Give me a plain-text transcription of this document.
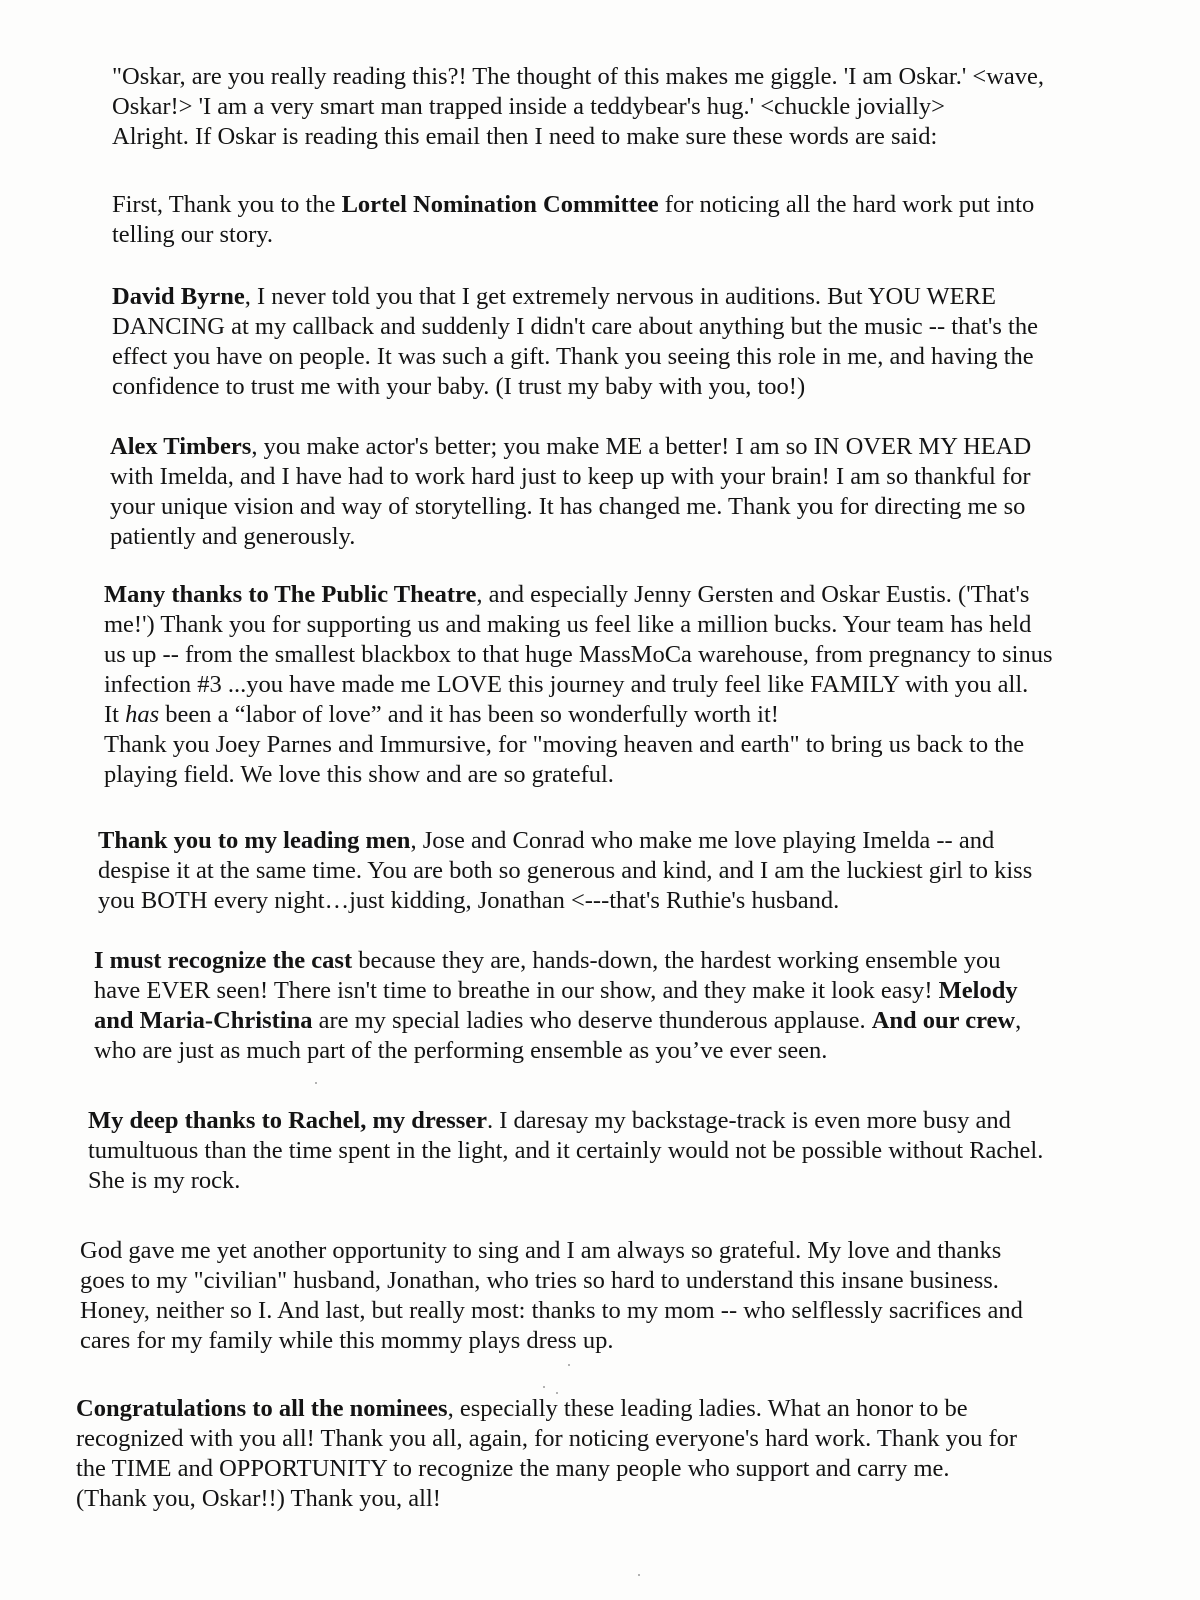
"Oskar, are you really reading this?! The thought of this makes me giggle. 'I am Oskar.' <wave,
Oskar!> 'I am a very smart man trapped inside a teddybear's hug.' <chuckle jovially>
Alright. If Oskar is reading this email then I need to make sure these words are said:

First, Thank you to the Lortel Nomination Committee for noticing all the hard work put into
telling our story.

David Byrne, I never told you that I get extremely nervous in auditions. But YOU WERE
DANCING at my callback and suddenly I didn't care about anything but the music -- that's the
effect you have on people. It was such a gift. Thank you seeing this role in me, and having the
confidence to trust me with your baby. (I trust my baby with you, too!)

Alex Timbers, you make actor's better; you make ME a better! I am so IN OVER MY HEAD
with Imelda, and I have had to work hard just to keep up with your brain! I am so thankful for
your unique vision and way of storytelling. It has changed me. Thank you for directing me so
patiently and generously.

Many thanks to The Public Theatre, and especially Jenny Gersten and Oskar Eustis. ('That's
me!') Thank you for supporting us and making us feel like a million bucks. Your team has held
us up -- from the smallest blackbox to that huge MassMoCa warehouse, from pregnancy to sinus
infection #3 ...you have made me LOVE this journey and truly feel like FAMILY with you all.
It has been a “labor of love” and it has been so wonderfully worth it!
Thank you Joey Parnes and Immursive, for "moving heaven and earth" to bring us back to the
playing field. We love this show and are so grateful.

Thank you to my leading men, Jose and Conrad who make me love playing Imelda -- and
despise it at the same time. You are both so generous and kind, and I am the luckiest girl to kiss
you BOTH every night…just kidding, Jonathan <---that's Ruthie's husband.

I must recognize the cast because they are, hands-down, the hardest working ensemble you
have EVER seen! There isn't time to breathe in our show, and they make it look easy! Melody
and Maria-Christina are my special ladies who deserve thunderous applause. And our crew,
who are just as much part of the performing ensemble as you’ve ever seen.

My deep thanks to Rachel, my dresser. I daresay my backstage-track is even more busy and
tumultuous than the time spent in the light, and it certainly would not be possible without Rachel.
She is my rock.

God gave me yet another opportunity to sing and I am always so grateful. My love and thanks
goes to my "civilian" husband, Jonathan, who tries so hard to understand this insane business.
Honey, neither so I. And last, but really most: thanks to my mom -- who selflessly sacrifices and
cares for my family while this mommy plays dress up.

Congratulations to all the nominees, especially these leading ladies. What an honor to be
recognized with you all! Thank you all, again, for noticing everyone's hard work. Thank you for
the TIME and OPPORTUNITY to recognize the many people who support and carry me.
(Thank you, Oskar!!) Thank you, all!
